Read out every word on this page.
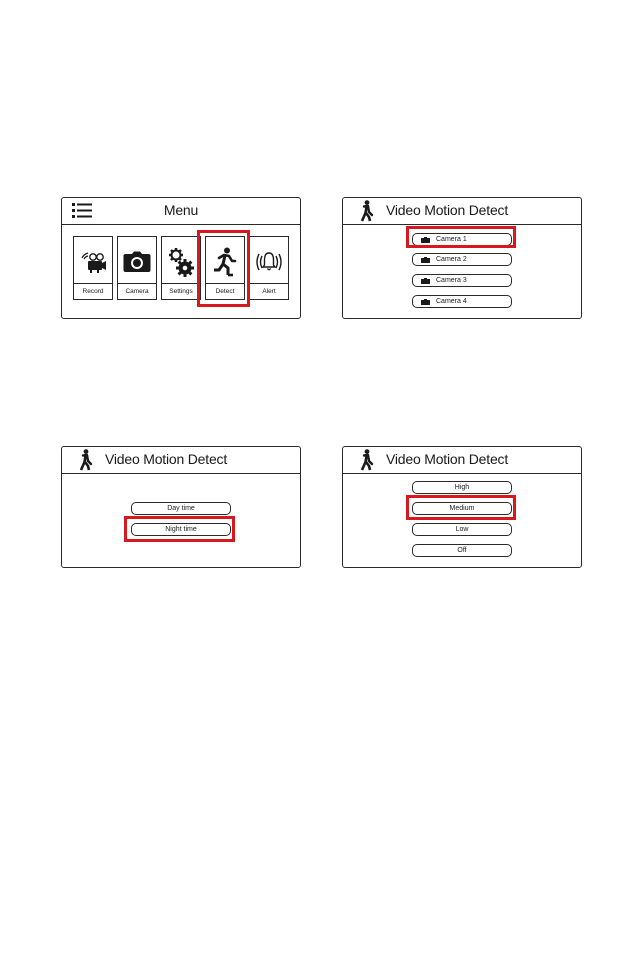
Menu
Record	Camera	Settings	Detect	Alert
Video Motion Detect
Camera 1
Camera 2
Camera 3
Camera 4
Video Motion Detect
Day time
Night time
Video Motion Detect
High
Medium
Low
Off
